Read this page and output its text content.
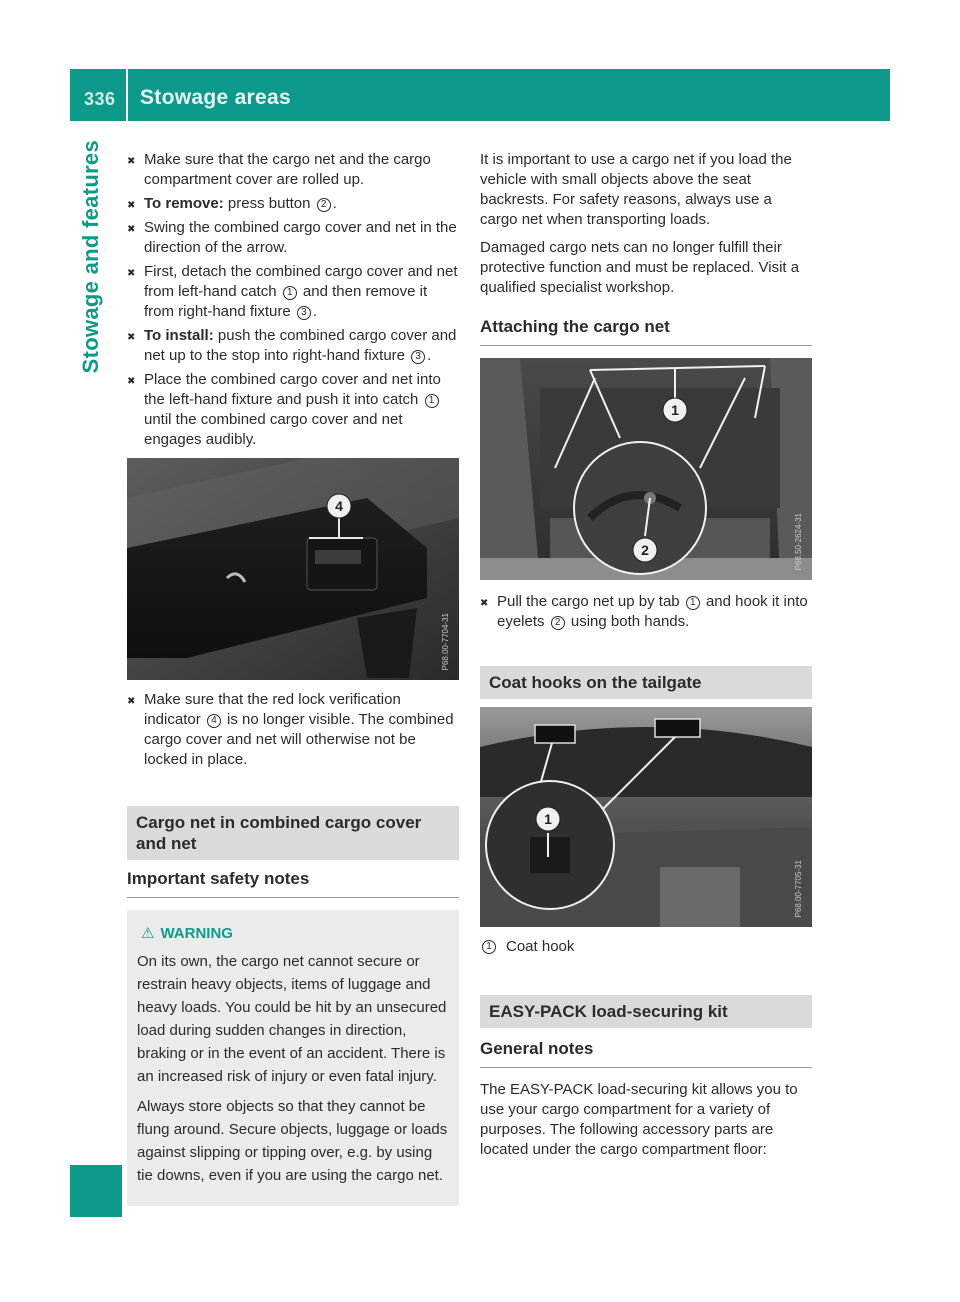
336 Stowage areas
Stowage and features ✖ Make sure that the cargo net and the cargo compartment cover are rolled up.
✖ To remove: press button 2 .
✖ Swing the combined cargo cover and net in the direction of the arrow.
✖ First, detach the combined cargo cover and net from left-hand catch 1 and then remove it from right-hand fixture 3 .
✖ To install: push the combined cargo cover and net up to the stop into right-hand fixture 3 .
✖ Place the combined cargo cover and net into the left-hand fixture and push it into catch 1 until the combined cargo cover and net engages audibly.
4
P68.00-7704-31
✖ Make sure that the red lock verification indicator 4 is no longer visible. The combined cargo cover and net will otherwise not be locked in place.
Cargo net in combined cargo cover and net
Important safety notes
⚠ WARNING

On its own, the cargo net cannot secure or restrain heavy objects, items of luggage and heavy loads. You could be hit by an unsecured load during sudden changes in direction, braking or in the event of an accident. There is an increased risk of injury or even fatal injury.

Always store objects so that they cannot be flung around. Secure objects, luggage or loads against slipping or tipping over, e.g. by using tie downs, even if you are using the cargo net.

It is important to use a cargo net if you load the vehicle with small objects above the seat backrests. For safety reasons, always use a cargo net when transporting loads.

Damaged cargo nets can no longer fulfill their protective function and must be replaced. Visit a qualified specialist workshop.

Attaching the cargo net
1
2	P68.50-2624-31
✖ Pull the cargo net up by tab 1 and hook it into eyelets 2 using both hands.
Coat hooks on the tailgate
1
P68.00-7705-31
1 Coat hook
EASY-PACK load-securing kit
General notes

The EASY-PACK load-securing kit allows you to use your cargo compartment for a variety of purposes. The following accessory parts are located under the cargo compartment floor:
